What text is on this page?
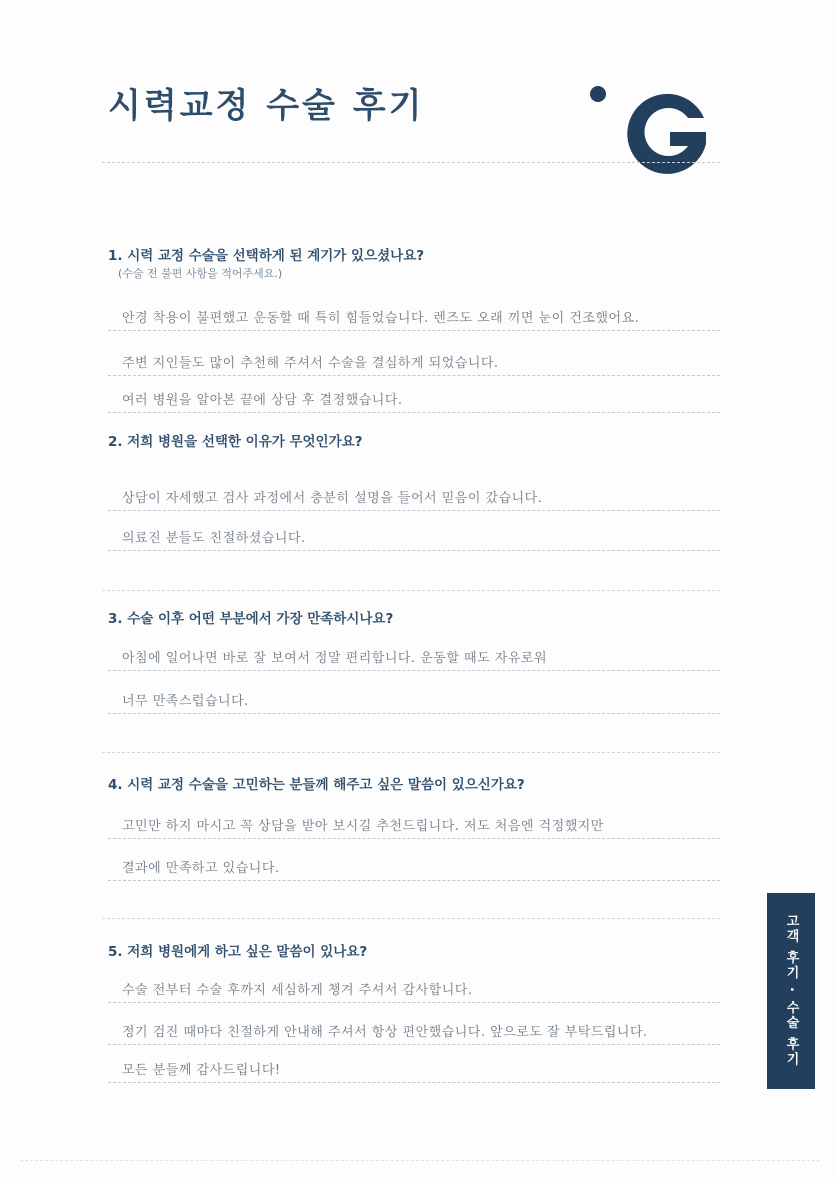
시력교정 수술 후기
1. 시력 교정 수술을 선택하게 된 계기가 있으셨나요?
(수술 전 불편 사항을 적어주세요.)
안경 착용이 불편했고 운동할 때 특히 힘들었습니다. 렌즈도 오래 끼면 눈이 건조했어요.
주변 지인들도 많이 추천해 주셔서 수술을 결심하게 되었습니다.
여러 병원을 알아본 끝에 상담 후 결정했습니다.
2. 저희 병원을 선택한 이유가 무엇인가요?
상담이 자세했고 검사 과정에서 충분히 설명을 들어서 믿음이 갔습니다.
의료진 분들도 친절하셨습니다.
3. 수술 이후 어떤 부분에서 가장 만족하시나요?
아침에 일어나면 바로 잘 보여서 정말 편리합니다. 운동할 때도 자유로워
너무 만족스럽습니다.
4. 시력 교정 수술을 고민하는 분들께 해주고 싶은 말씀이 있으신가요?
고민만 하지 마시고 꼭 상담을 받아 보시길 추천드립니다. 저도 처음엔 걱정했지만
결과에 만족하고 있습니다.
5. 저희 병원에게 하고 싶은 말씀이 있나요?
수술 전부터 수술 후까지 세심하게 챙겨 주셔서 감사합니다.
정기 검진 때마다 친절하게 안내해 주셔서 항상 편안했습니다. 앞으로도 잘 부탁드립니다.
모든 분들께 감사드립니다!
고객 후기 · 수술 후기
